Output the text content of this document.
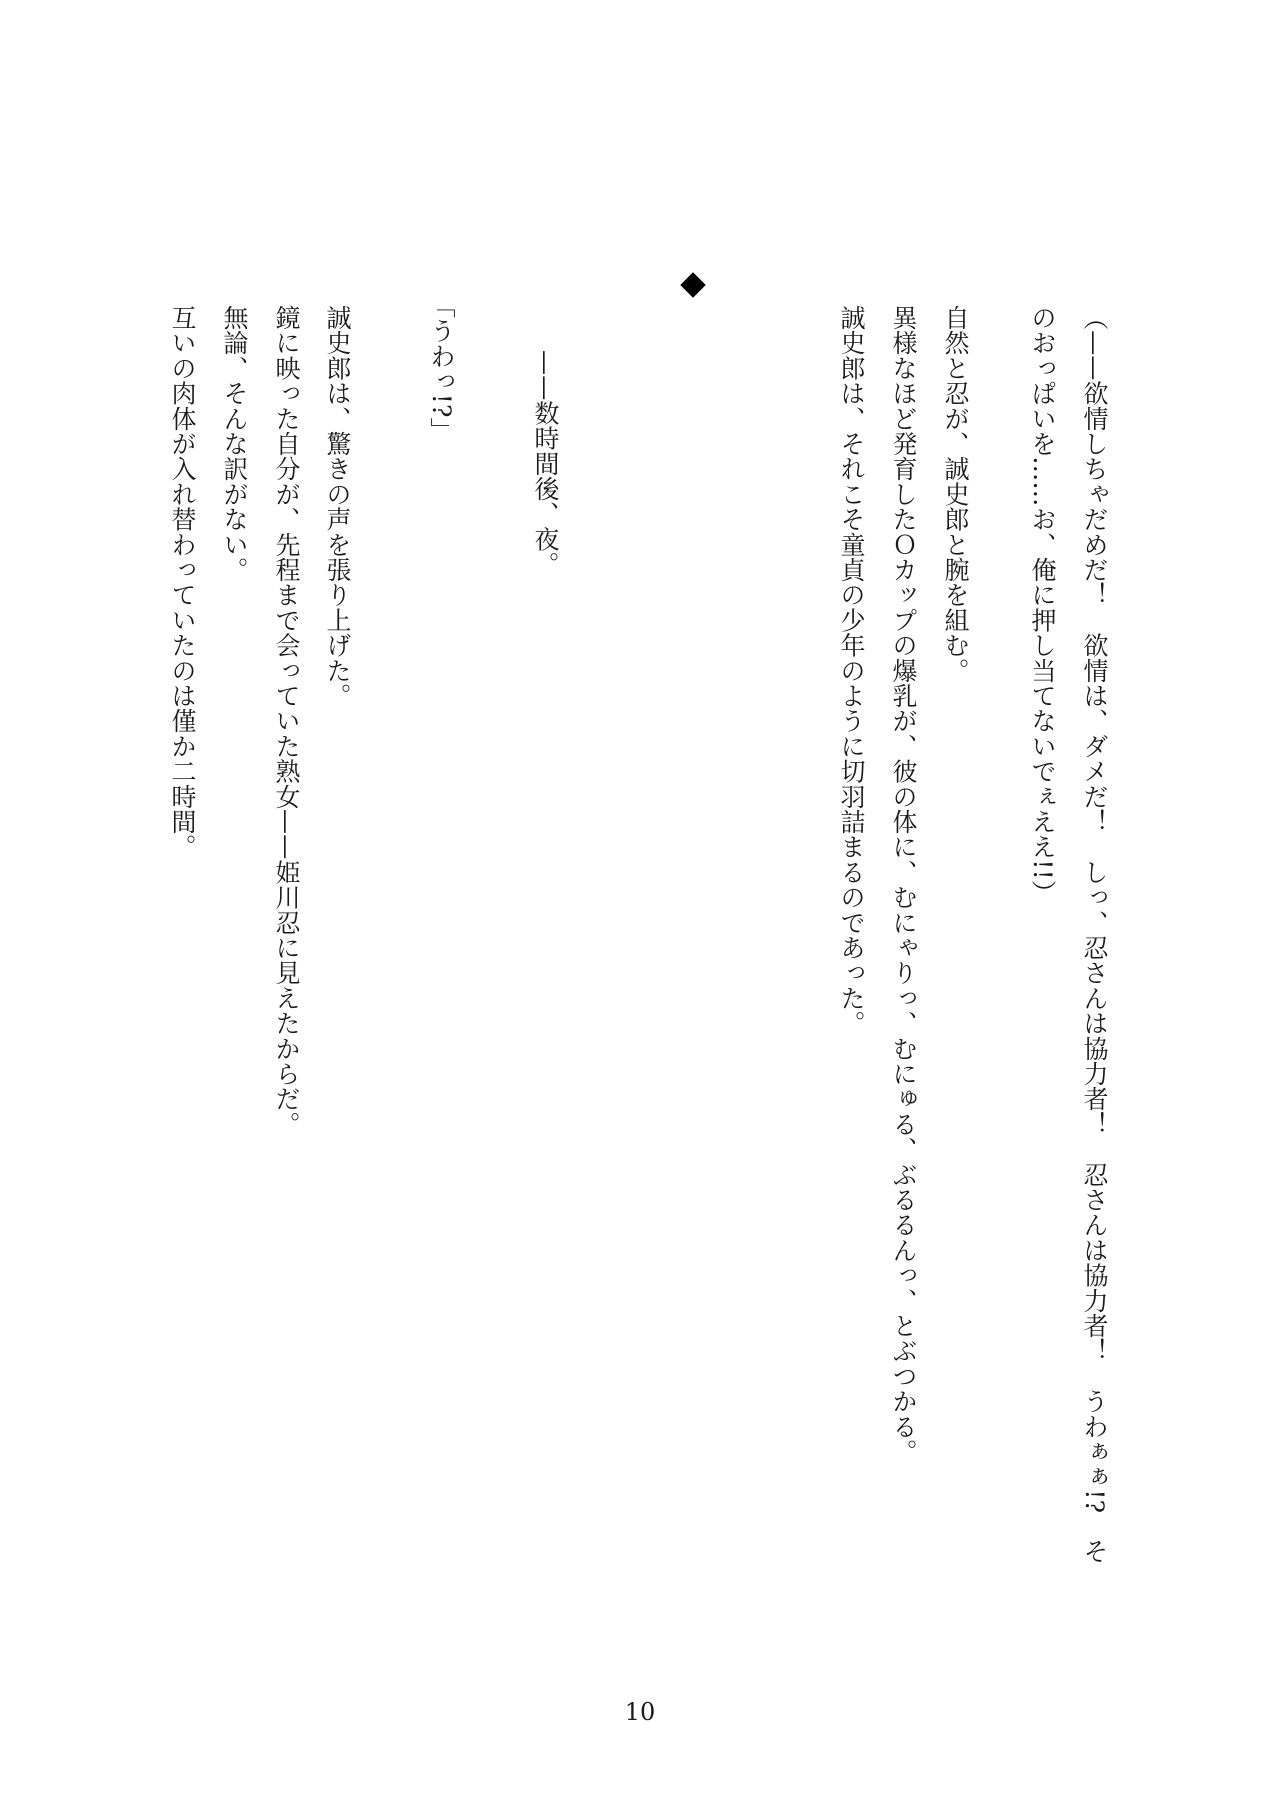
（——欲情しちゃだめだ！　欲情は、ダメだ！　しっ、忍さんは協力者！　忍さんは協力者！　うわぁぁ!?　そ
のおっぱいを……お、俺に押し当てないでぇええ!!）
自然と忍が、誠史郎と腕を組む。
異様なほど発育したＯカップの爆乳が、彼の体に、むにゃりっ、むにゅる、ぶるるんっ、とぶつかる。
誠史郎は、それこそ童貞の少年のように切羽詰まるのであった。
——数時間後、夜。
「うわっ!?」
誠史郎は、驚きの声を張り上げた。
鏡に映った自分が、先程まで会っていた熟女——姫川忍に見えたからだ。
無論、そんな訳がない。
互いの肉体が入れ替わっていたのは僅か二時間。
10
